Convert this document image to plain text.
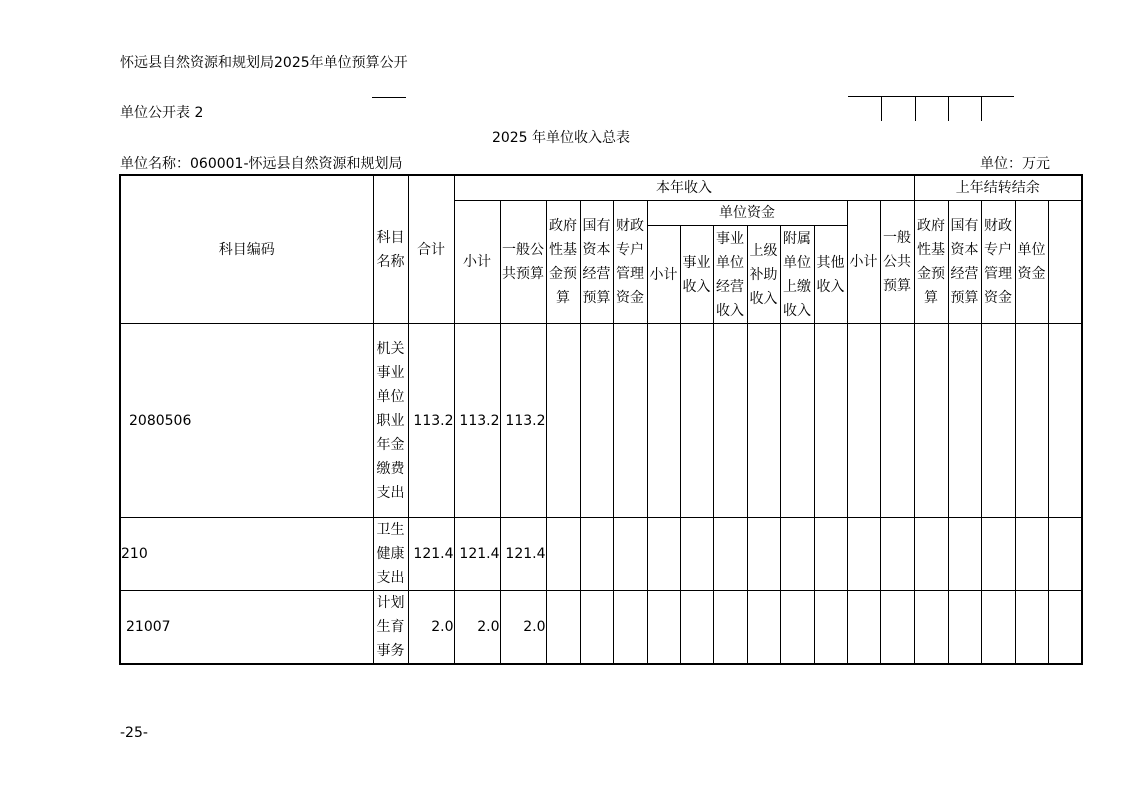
怀远县自然资源和规划局2025年单位预算公开
单位公开表 2
2025 年单位收入总表
单位名称：060001-怀远县自然资源和规划局	单位：万元
科目编码	科目名称	合计	本年收入													上年结转结余				
			小计	一般公共预算	政府性基金预算	国有资本经营预算	财政专户管理资金	单位资金						小计	一般公共预算	政府性基金预算	国有资本经营预算	财政专户管理资金	单位资金	

								小计	事业收入	事业单位经营收入	上级补助收入	附属单位上缴收入	其他收入							

2080506	机关事业单位职业年金缴费支出	113.2	113.2	113.2																
210	卫生健康支出	121.4	121.4	121.4																
21007	计划生育事务	2.0	2.0	2.0																
-25-
